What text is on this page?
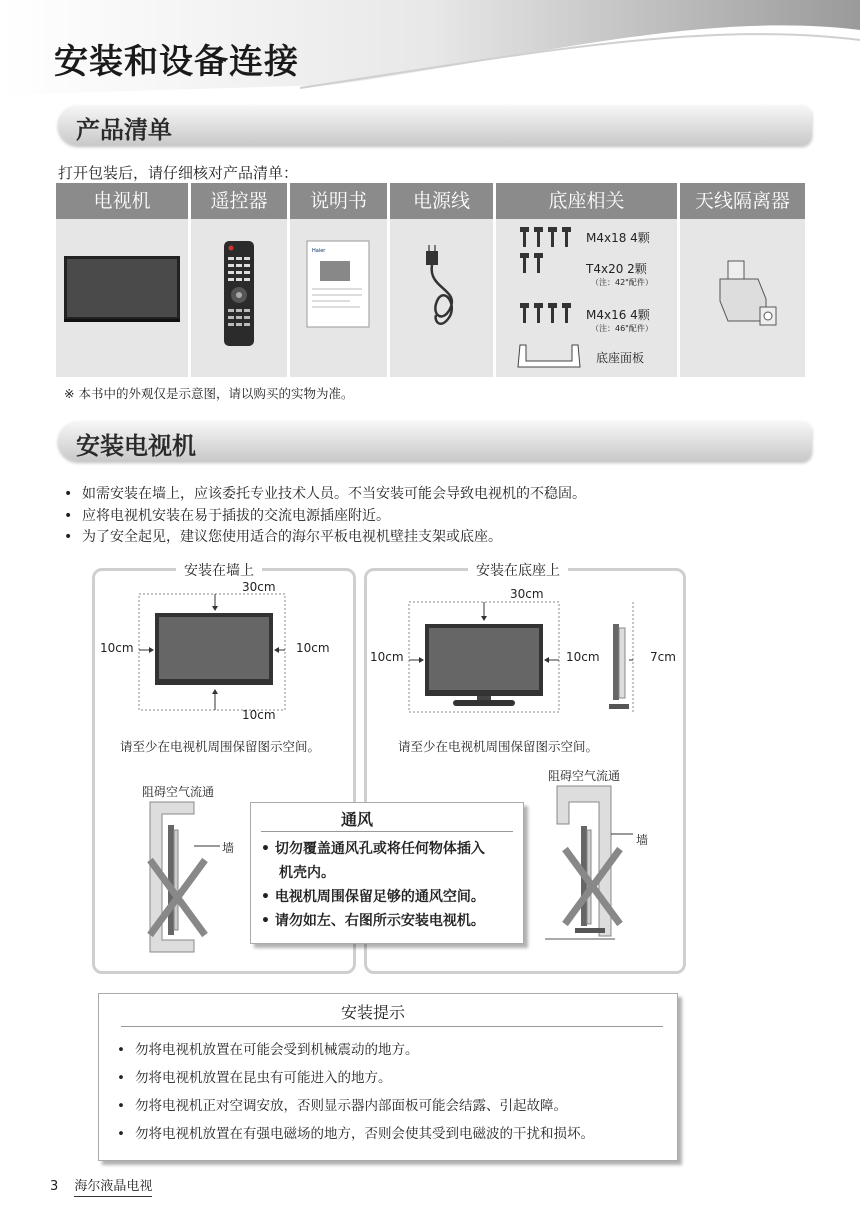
安装和设备连接
产品清单
打开包装后，请仔细核对产品清单：
电视机	遥控器	说明书	电源线	底座相关	天线隔离器
Haier
M4x18 4颗
T4x20 2颗
（注：42"配件）
M4x16 4颗
（注：46"配件）
底座面板
※ 本书中的外观仅是示意图，请以购买的实物为准。
安装电视机
• 如需安装在墙上，应该委托专业技术人员。不当安装可能会导致电视机的不稳固。
• 应将电视机安装在易于插拔的交流电源插座附近。
• 为了安全起见，建议您使用适合的海尔平板电视机壁挂支架或底座。
安装在墙上
30cm
10cm	10cm
10cm
请至少在电视机周围保留图示空间。
阻碍空气流通
墙
安装在底座上
30cm
10cm	10cm	7cm
请至少在电视机周围保留图示空间。
阻碍空气流通
墙
通风
• 切勿覆盖通风孔或将任何物体插入
机壳内。
• 电视机周围保留足够的通风空间。
• 请勿如左、右图所示安装电视机。
安装提示
• 勿将电视机放置在可能会受到机械震动的地方。
• 勿将电视机放置在昆虫有可能进入的地方。
• 勿将电视机正对空调安放，否则显示器内部面板可能会结露、引起故障。
• 勿将电视机放置在有强电磁场的地方，否则会使其受到电磁波的干扰和损坏。
3 海尔液晶电视
